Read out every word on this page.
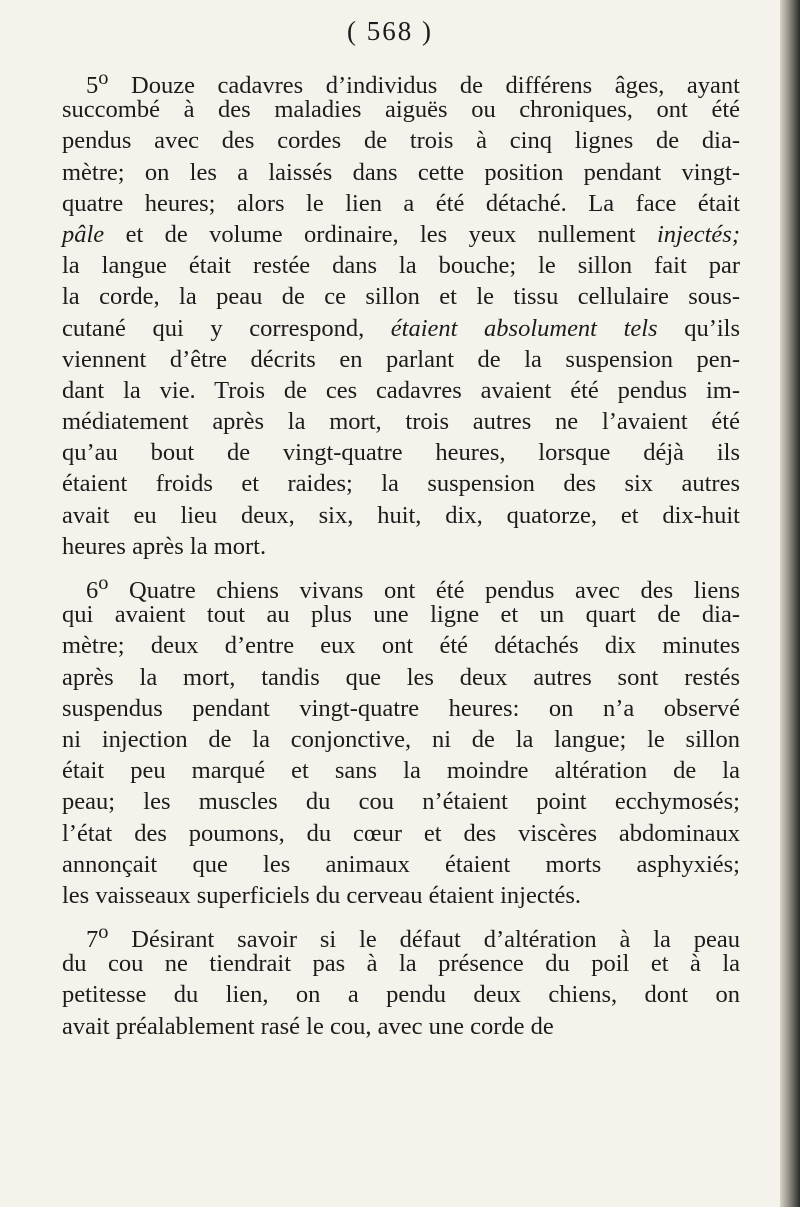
( 568 )
5$^o$ Douze cadavres d’individus de différens âges, ayant
succombé à des maladies aiguës ou chroniques, ont été
pendus avec des cordes de trois à cinq lignes de dia-
mètre; on les a laissés dans cette position pendant vingt-
quatre heures; alors le lien a été détaché. La face était
pâle et de volume ordinaire, les yeux nullement injectés;
la langue était restée dans la bouche; le sillon fait par
la corde, la peau de ce sillon et le tissu cellulaire sous-
cutané qui y correspond, étaient absolument tels qu’ils
viennent d’être décrits en parlant de la suspension pen-
dant la vie. Trois de ces cadavres avaient été pendus im-
médiatement après la mort, trois autres ne l’avaient été
qu’au bout de vingt-quatre heures, lorsque déjà ils
étaient froids et raides; la suspension des six autres
avait eu lieu deux, six, huit, dix, quatorze, et dix-huit
heures après la mort.
6$^o$ Quatre chiens vivans ont été pendus avec des liens
qui avaient tout au plus une ligne et un quart de dia-
mètre; deux d’entre eux ont été détachés dix minutes
après la mort, tandis que les deux autres sont restés
suspendus pendant vingt-quatre heures: on n’a observé
ni injection de la conjonctive, ni de la langue; le sillon
était peu marqué et sans la moindre altération de la
peau; les muscles du cou n’étaient point ecchymosés;
l’état des poumons, du cœur et des viscères abdominaux
annonçait que les animaux étaient morts asphyxiés;
les vaisseaux superficiels du cerveau étaient injectés.
7$^o$ Désirant savoir si le défaut d’altération à la peau
du cou ne tiendrait pas à la présence du poil et à la
petitesse du lien, on a pendu deux chiens, dont on
avait préalablement rasé le cou, avec une corde de
